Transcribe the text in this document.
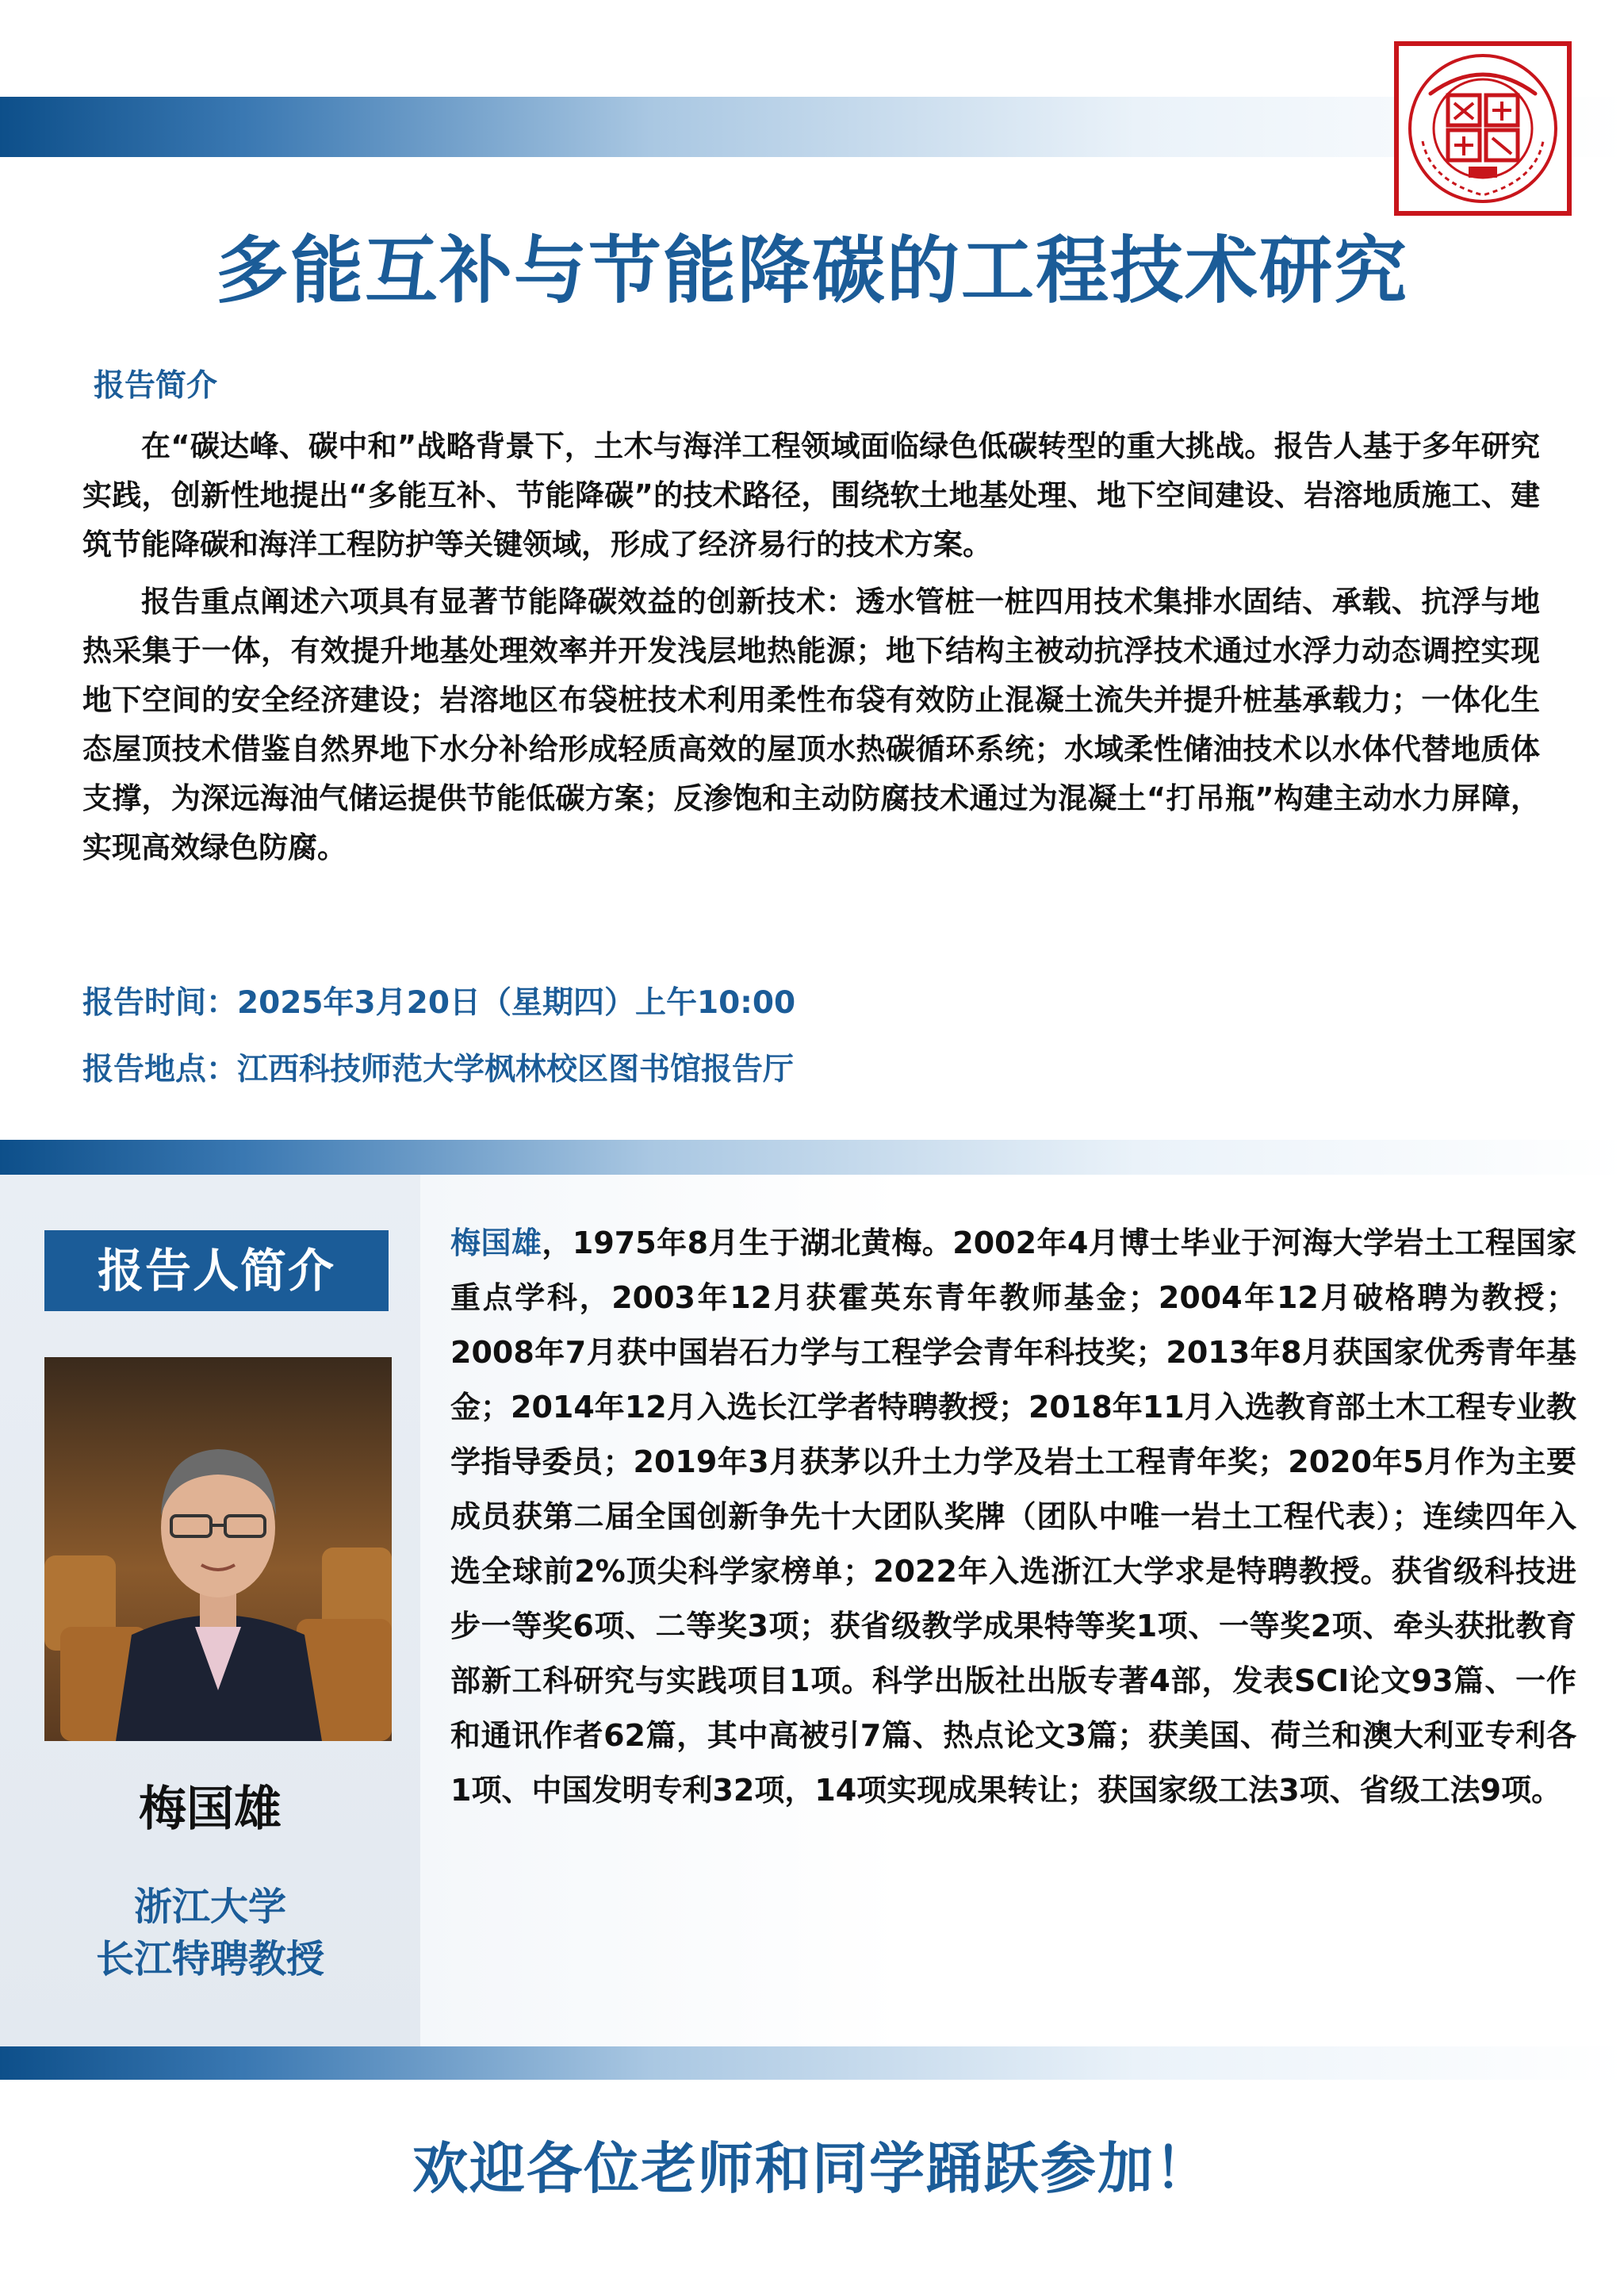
多能互补与节能降碳的工程技术研究
报告简介

在“碳达峰、碳中和”战略背景下，土木与海洋工程领域面临绿色低碳转型的重大挑战。报告人基于多年研究实践，创新性地提出“多能互补、节能降碳”的技术路径，围绕软土地基处理、地下空间建设、岩溶地质施工、建筑节能降碳和海洋工程防护等关键领域，形成了经济易行的技术方案。

报告重点阐述六项具有显著节能降碳效益的创新技术：透水管桩一桩四用技术集排水固结、承载、抗浮与地热采集于一体，有效提升地基处理效率并开发浅层地热能源；地下结构主被动抗浮技术通过水浮力动态调控实现地下空间的安全经济建设；岩溶地区布袋桩技术利用柔性布袋有效防止混凝土流失并提升桩基承载力；一体化生态屋顶技术借鉴自然界地下水分补给形成轻质高效的屋顶水热碳循环系统；水域柔性储油技术以水体代替地质体支撑，为深远海油气储运提供节能低碳方案；反渗饱和主动防腐技术通过为混凝土“打吊瓶”构建主动水力屏障，实现高效绿色防腐。

报告时间：2025年3月20日（星期四）上午10:00
报告地点：江西科技师范大学枫林校区图书馆报告厅
报告人简介
梅国雄
浙江大学
长江特聘教授

梅国雄，1975年8月生于湖北黄梅。2002年4月博士毕业于河海大学岩土工程国家重点学科，2003年12月获霍英东青年教师基金；2004年12月破格聘为教授；2008年7月获中国岩石力学与工程学会青年科技奖；2013年8月获国家优秀青年基金；2014年12月入选长江学者特聘教授；2018年11月入选教育部土木工程专业教学指导委员；2019年3月获茅以升土力学及岩土工程青年奖；2020年5月作为主要成员获第二届全国创新争先十大团队奖牌（团队中唯一岩土工程代表）；连续四年入选全球前2%顶尖科学家榜单；2022年入选浙江大学求是特聘教授。获省级科技进步一等奖6项、二等奖3项；获省级教学成果特等奖1项、一等奖2项、牵头获批教育部新工科研究与实践项目1项。科学出版社出版专著4部，发表SCI论文93篇、一作和通讯作者62篇，其中高被引7篇、热点论文3篇；获美国、荷兰和澳大利亚专利各1项、中国发明专利32项，14项实现成果转让；获国家级工法3项、省级工法9项。

欢迎各位老师和同学踊跃参加！
